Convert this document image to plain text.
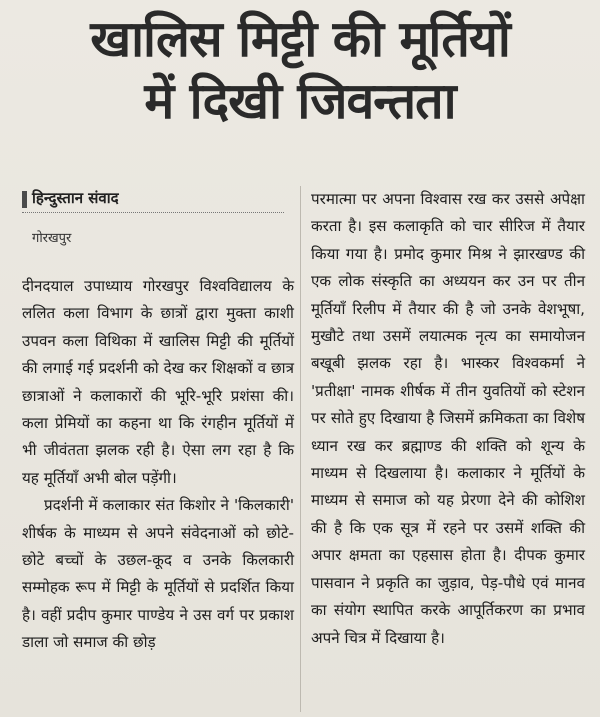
खालिस मिट्टी की मूर्तियों
में दिखी जिवन्तता
हिन्दुस्तान संवाद
गोरखपुर

दीनदयाल उपाध्याय गोरखपुर विश्वविद्यालय के ललित कला विभाग के छात्रों द्वारा मुक्ता काशी उपवन कला विथिका में खालिस मिट्टी की मूर्तियों की लगाई गई प्रदर्शनी को देख कर शिक्षकों व छात्र छात्राओं ने कलाकारों की भूरि-भूरि प्रशंसा की। कला प्रेमियों का कहना था कि रंगहीन मूर्तियों में भी जीवंतता झलक रही है। ऐसा लग रहा है कि यह मूर्तियाँ अभी बोल पड़ेंगी।

प्रदर्शनी में कलाकार संत किशोर ने 'किलकारी' शीर्षक के माध्यम से अपने संवेदनाओं को छोटे-छोटे बच्चों के उछल-कूद व उनके किलकारी सम्मोहक रूप में मिट्टी के मूर्तियों से प्रदर्शित किया है। वहीं प्रदीप कुमार पाण्डेय ने उस वर्ग पर प्रकाश डाला जो समाज की छोड़

परमात्मा पर अपना विश्वास रख कर उससे अपेक्षा करता है। इस कलाकृति को चार सीरिज में तैयार किया गया है। प्रमोद कुमार मिश्र ने झारखण्ड की एक लोक संस्कृति का अध्ययन कर उन पर तीन मूर्तियाँ रिलीप में तैयार की है जो उनके वेशभूषा, मुखौटे तथा उसमें लयात्मक नृत्य का समायोजन बखूबी झलक रहा है। भास्कर विश्वकर्मा ने 'प्रतीक्षा' नामक शीर्षक में तीन युवतियों को स्टेशन पर सोते हुए दिखाया है जिसमें क्रमिकता का विशेष ध्यान रख कर ब्रह्माण्ड की शक्ति को शून्य के माध्यम से दिखलाया है। कलाकार ने मूर्तियों के माध्यम से समाज को यह प्रेरणा देने की कोशिश की है कि एक सूत्र में रहने पर उसमें शक्ति की अपार क्षमता का एहसास होता है। दीपक कुमार पासवान ने प्रकृति का जुड़ाव, पेड़-पौधे एवं मानव का संयोग स्थापित करके आपूर्तिकरण का प्रभाव अपने चित्र में दिखाया है।
